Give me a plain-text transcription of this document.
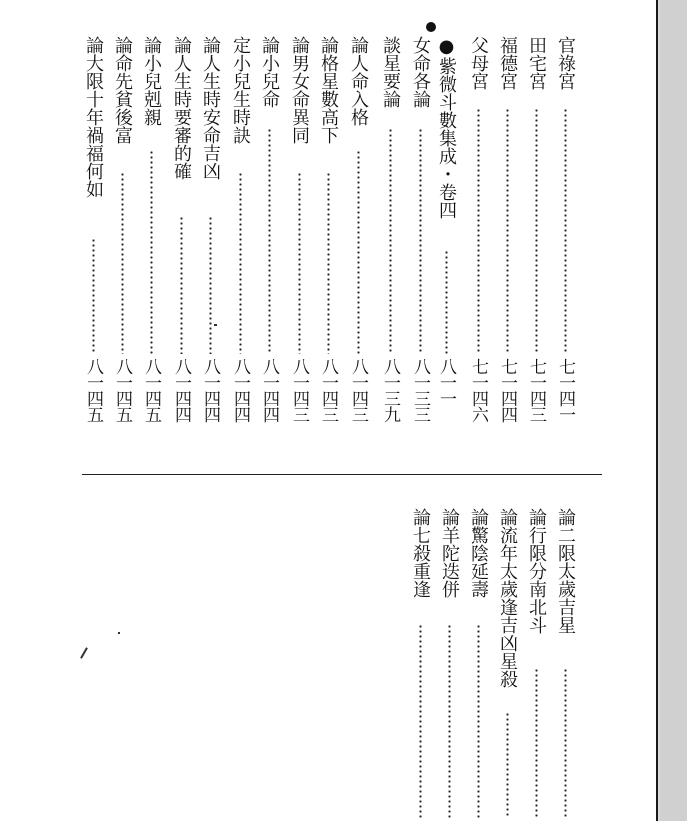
官祿宮
田宅宮
福德宮
父母宮
●紫微斗數集成・卷四
女命各論
談星要論
論人命入格
論格星數高下
論男女命異同
論小兒命
定小兒生時訣
論人生時安命吉凶
論人生時要審的確
論小兒剋親
論命先貧後富
論大限十年禍福何如
七一四一
七一四三
七一四四
七一四六
八一一
八一三三
八一三九
八一四三
八一四三
八一四三
八一四四
八一四四
八一四四
八一四四
八一四五
八一四五
八一四五
論二限太歲吉星
論行限分南北斗
論流年太歲逢吉凶星殺
論驚陰延壽
論羊陀迭併
論七殺重逢
